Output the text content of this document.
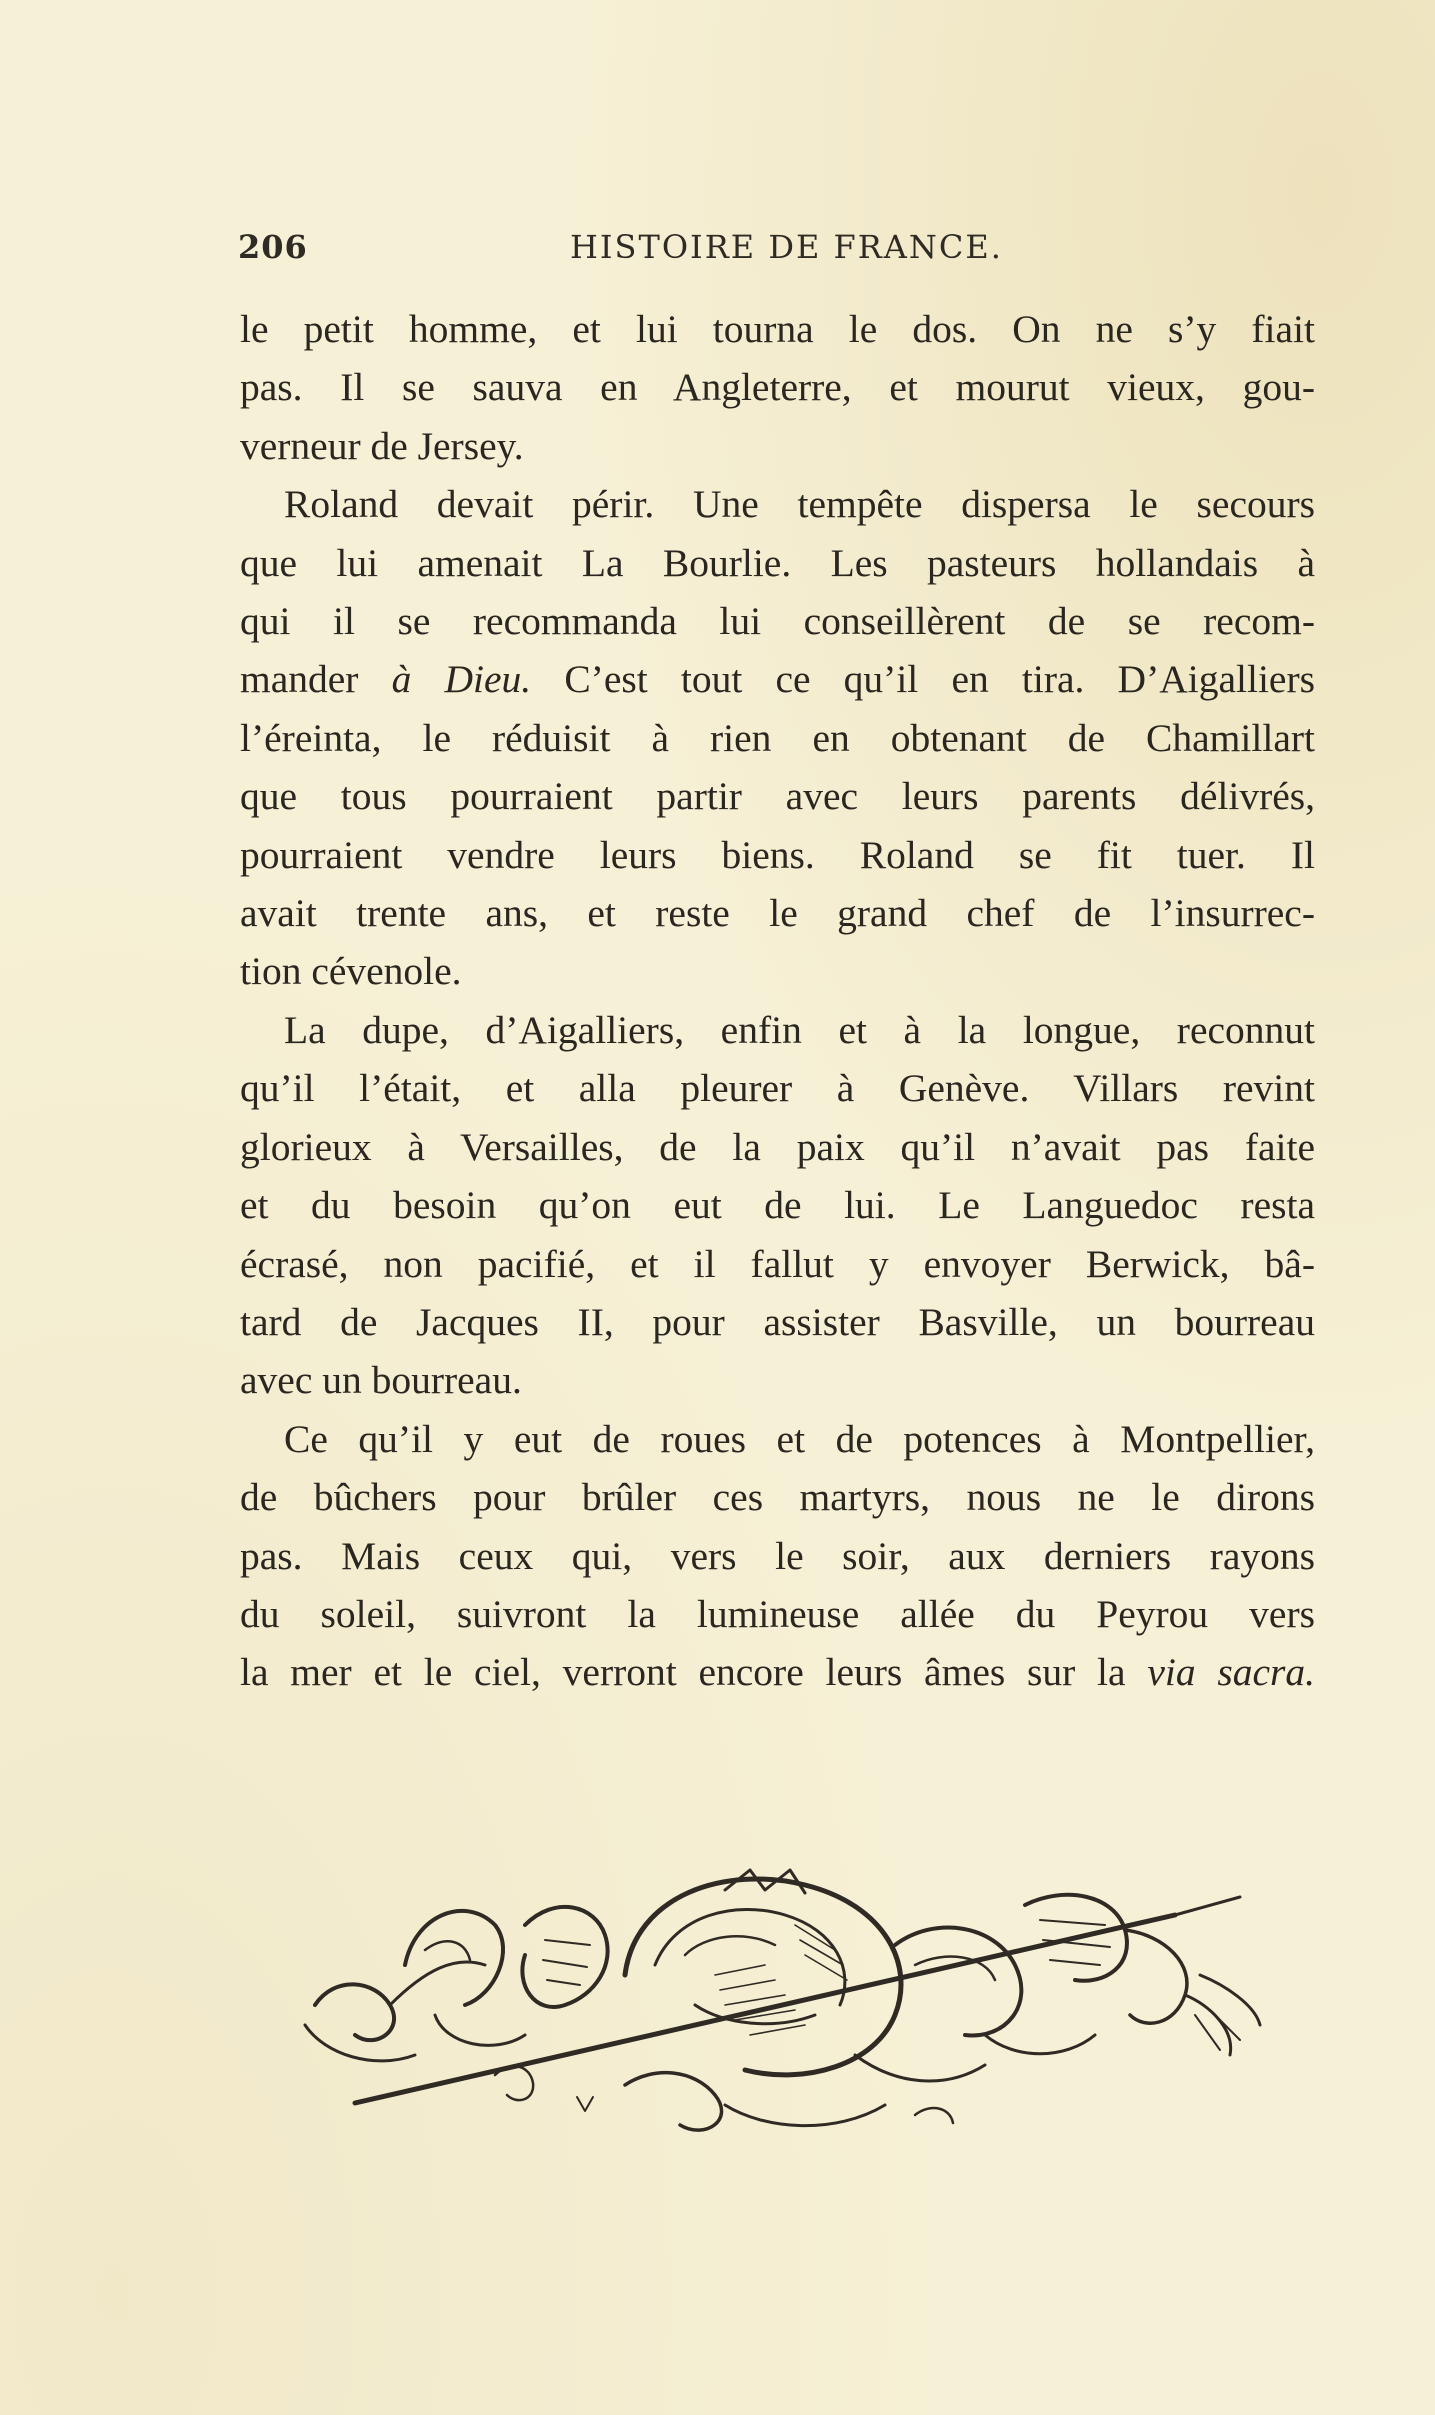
206	HISTOIRE DE FRANCE.

le petit homme, et lui tourna le dos. On ne s’y fiait

pas. Il se sauva en Angleterre, et mourut vieux, gou-

verneur de Jersey.

Roland devait périr. Une tempête dispersa le secours

que lui amenait La Bourlie. Les pasteurs hollandais à

qui il se recommanda lui conseillèrent de se recom-

mander à Dieu. C’est tout ce qu’il en tira. D’Aigalliers

l’éreinta, le réduisit à rien en obtenant de Chamillart

que tous pourraient partir avec leurs parents délivrés,

pourraient vendre leurs biens. Roland se fit tuer. Il

avait trente ans, et reste le grand chef de l’insurrec-

tion cévenole.

La dupe, d’Aigalliers, enfin et à la longue, reconnut

qu’il l’était, et alla pleurer à Genève. Villars revint

glorieux à Versailles, de la paix qu’il n’avait pas faite

et du besoin qu’on eut de lui. Le Languedoc resta

écrasé, non pacifié, et il fallut y envoyer Berwick, bâ-

tard de Jacques II, pour assister Basville, un bourreau

avec un bourreau.

Ce qu’il y eut de roues et de potences à Montpellier,

de bûchers pour brûler ces martyrs, nous ne le dirons

pas. Mais ceux qui, vers le soir, aux derniers rayons

du soleil, suivront la lumineuse allée du Peyrou vers

la mer et le ciel, verront encore leurs âmes sur la via sacra.
